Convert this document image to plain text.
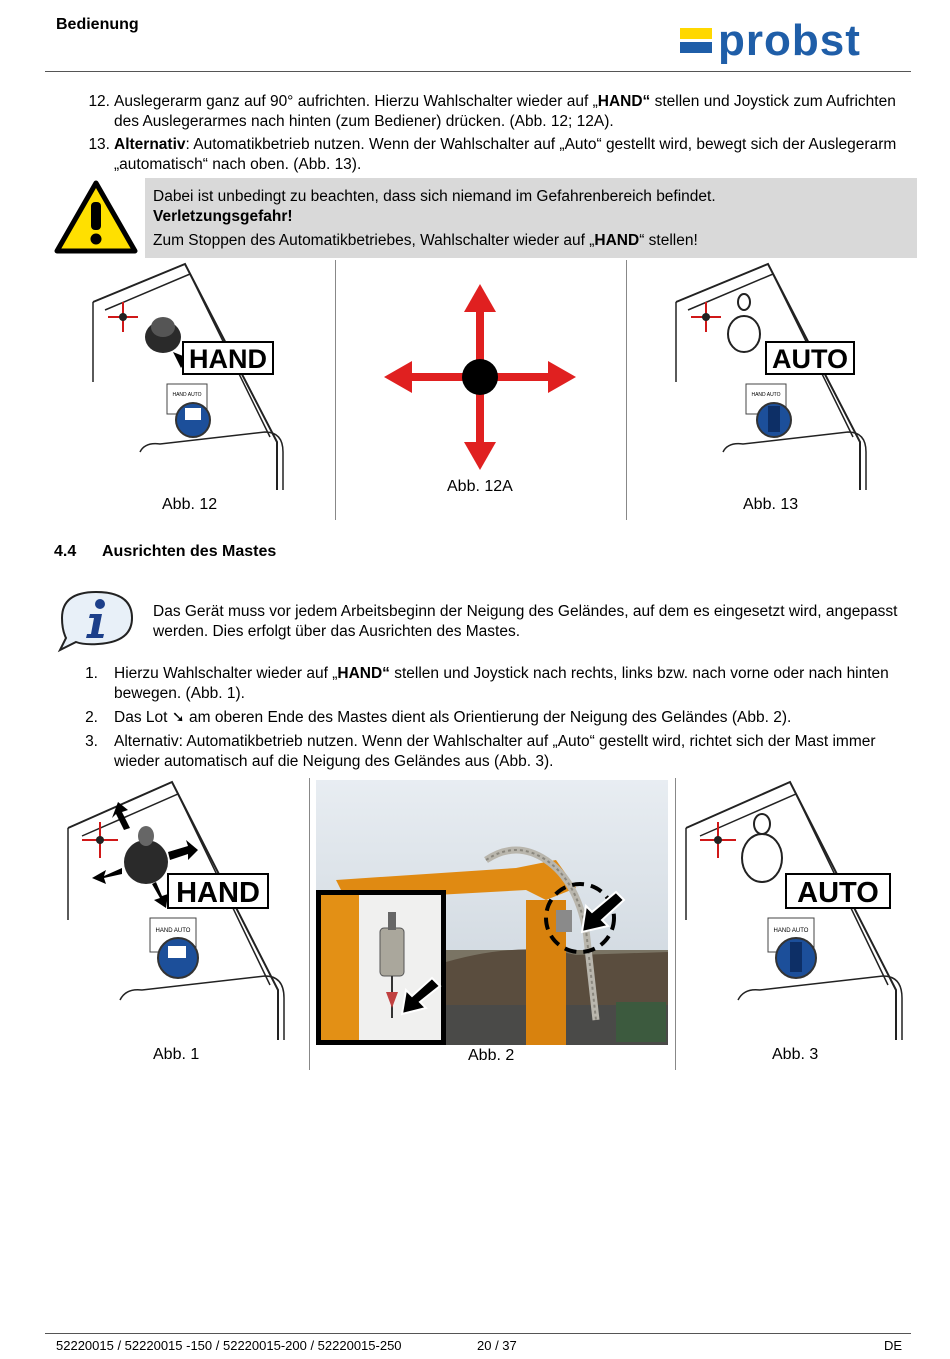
Bedienung	probst
12. Auslegerarm ganz auf 90° aufrichten. Hierzu Wahlschalter wieder auf „HAND“ stellen und Joystick zum Aufrichten des Auslegerarmes nach hinten (zum Bediener) drücken. (Abb. 12; 12A).
13. Alternativ: Automatikbetrieb nutzen. Wenn der Wahlschalter auf „Auto“ gestellt wird, bewegt sich der Auslegerarm „automatisch“ nach oben. (Abb. 13).
Dabei ist unbedingt zu beachten, dass sich niemand im Gefahrenbereich befindet.
Verletzungsgefahr!
Zum Stoppen des Automatikbetriebes, Wahlschalter wieder auf „HAND“ stellen!
HAND
HAND AUTO
AUTO
HAND AUTO
Abb. 12
Abb. 12A
Abb. 13
4.4 Ausrichten des Mastes
Das Gerät muss vor jedem Arbeitsbeginn der Neigung des Geländes, auf dem es eingesetzt wird, angepasst werden. Dies erfolgt über das Ausrichten des Mastes.
1. Hierzu Wahlschalter wieder auf „HAND“ stellen und Joystick nach rechts, links bzw. nach vorne oder nach hinten bewegen. (Abb. 1).
2. Das Lot ➘ am oberen Ende des Mastes dient als Orientierung der Neigung des Geländes (Abb. 2).
3. Alternativ: Automatikbetrieb nutzen. Wenn der Wahlschalter auf „Auto“ gestellt wird, richtet sich der Mast immer wieder automatisch auf die Neigung des Geländes aus (Abb. 3).
HAND
HAND AUTO
AUTO
HAND AUTO
Abb. 1	Abb. 2	Abb. 3
52220015 / 52220015 -150 / 52220015-200 / 52220015-250	20 / 37	DE
